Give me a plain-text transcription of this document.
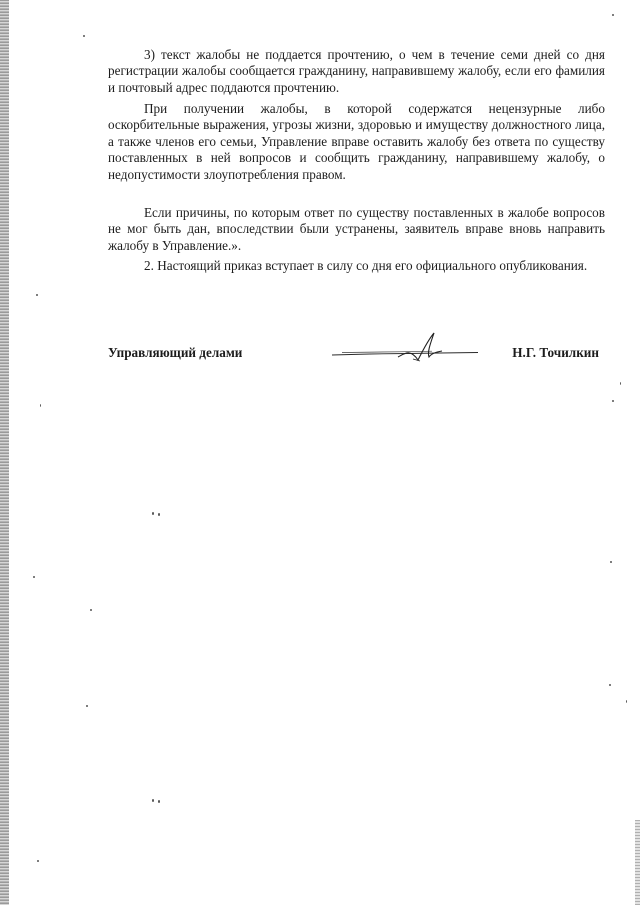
3) текст жалобы не поддается прочтению, о чем в течение семи дней со дня регистрации жалобы сообщается гражданину, направившему жалобу, если его фамилия и почтовый адрес поддаются прочтению.

При получении жалобы, в которой содержатся нецензурные либо оскорбительные выражения, угрозы жизни, здоровью и имуществу должностного лица, а также членов его семьи, Управление вправе оставить жалобу без ответа по существу поставленных в ней вопросов и сообщить гражданину, направившему жалобу, о недопустимости злоупотребления правом.

Если причины, по которым ответ по существу поставленных в жалобе вопросов не мог быть дан, впоследствии были устранены, заявитель вправе вновь направить жалобу в Управление.».

2. Настоящий приказ вступает в силу со дня его официального опубликования.

Управляющий делами	Н.Г. Точилкин
